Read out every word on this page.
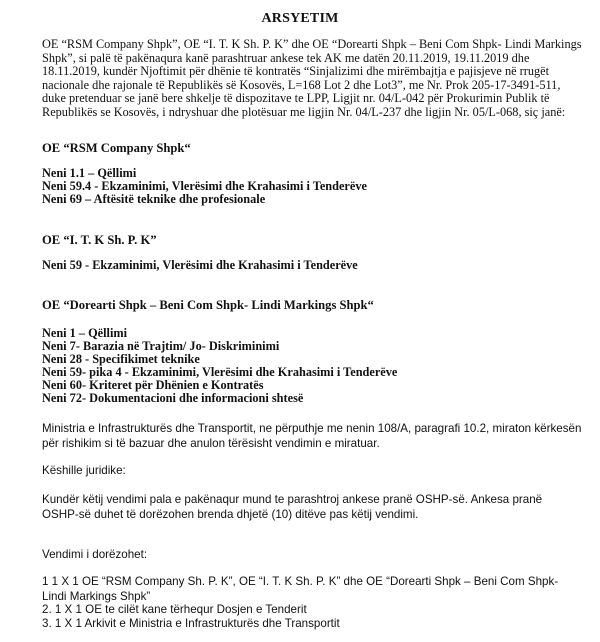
ARSYETIM
OE “RSM Company Shpk”, OE “I. T. K Sh. P. K” dhe OE “Dorearti Shpk – Beni Com Shpk- Lindi Markings Shpk”, si palë të pakënaqura kanë parashtruar ankese tek AK me datën 20.11.2019, 19.11.2019 dhe 18.11.2019, kundër Njoftimit për dhënie të kontratës “Sinjalizimi dhe mirëmbajtja e pajisjeve në rrugët nacionale dhe rajonale të Republikës së Kosovës, L=168 Lot 2 dhe Lot3”, me Nr. Prok 205-17-3491-511, duke pretenduar se janë bere shkelje të dispozitave te LPP, Ligjit nr. 04/L-042 për Prokurimin Publik të Republikës se Kosovës, i ndryshuar dhe plotësuar me ligjin Nr. 04/L-237 dhe ligjin Nr. 05/L-068, siç janë:
OE “RSM Company Shpk“
Neni 1.1 – Qëllimi
Neni 59.4 - Ekzaminimi, Vlerësimi dhe Krahasimi i Tenderëve
Neni 69 – Aftësitë teknike dhe profesionale
OE “I. T. K Sh. P. K”
Neni 59 - Ekzaminimi, Vlerësimi dhe Krahasimi i Tenderëve
OE “Dorearti Shpk – Beni Com Shpk- Lindi Markings Shpk“
Neni 1 – Qëllimi
Neni 7- Barazia në Trajtim/ Jo- Diskriminimi
Neni 28 - Specifikimet teknike
Neni 59- pika 4 - Ekzaminimi, Vlerësimi dhe Krahasimi i Tenderëve
Neni 60- Kriteret për Dhënien e Kontratës
Neni 72- Dokumentacioni dhe informacioni shtesë
Ministria e Infrastrukturës dhe Transportit, ne përputhje me nenin 108/A, paragrafi 10.2, miraton kërkesën për rishikim si të bazuar dhe anulon tërësisht vendimin e miratuar.
Këshille juridike:
Kundër këtij vendimi pala e pakënaqur mund te parashtroj ankese pranë OSHP-së. Ankesa pranë OSHP-së duhet të dorëzohen brenda dhjetë (10) ditëve pas këtij vendimi.
Vendimi i dorëzohet:
1 1 X 1 OE “RSM Company Sh. P. K”, OE “I. T. K Sh. P. K” dhe OE “Dorearti Shpk – Beni Com Shpk-Lindi Markings Shpk”
2. 1 X 1 OE te cilët kane tërhequr Dosjen e Tenderit
3. 1 X 1 Arkivit e Ministria e Infrastrukturës dhe Transportit
